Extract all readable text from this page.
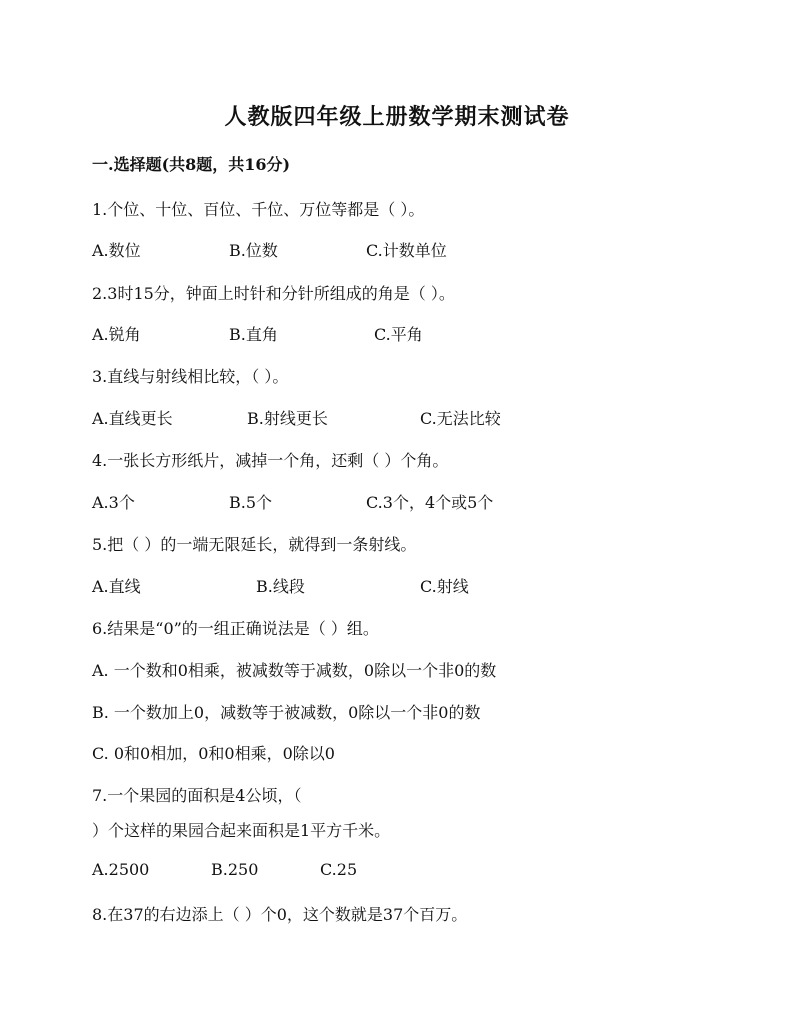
人教版四年级上册数学期末测试卷
一.选择题(共8题，共16分)
1.个位、十位、百位、千位、万位等都是（ ）。
A.数位	B.位数	C.计数单位
2.3时15分，钟面上时针和分针所组成的角是（ ）。
A.锐角	B.直角	C.平角
3.直线与射线相比较，（ ）。
A.直线更长	B.射线更长	C.无法比较
4.一张长方形纸片，减掉一个角，还剩（ ）个角。
A.3个	B.5个	C.3个，4个或5个
5.把（ ）的一端无限延长，就得到一条射线。
A.直线	B.线段	C.射线
6.结果是“0”的一组正确说法是（ ）组。
A. 一个数和0相乘，被减数等于减数，0除以一个非0的数
B. 一个数加上0，减数等于被减数，0除以一个非0的数
C. 0和0相加，0和0相乘，0除以0
7.一个果园的面积是4公顷，（
）个这样的果园合起来面积是1平方千米。
A.2500	B.250	C.25
8.在37的右边添上（ ）个0，这个数就是37个百万。
